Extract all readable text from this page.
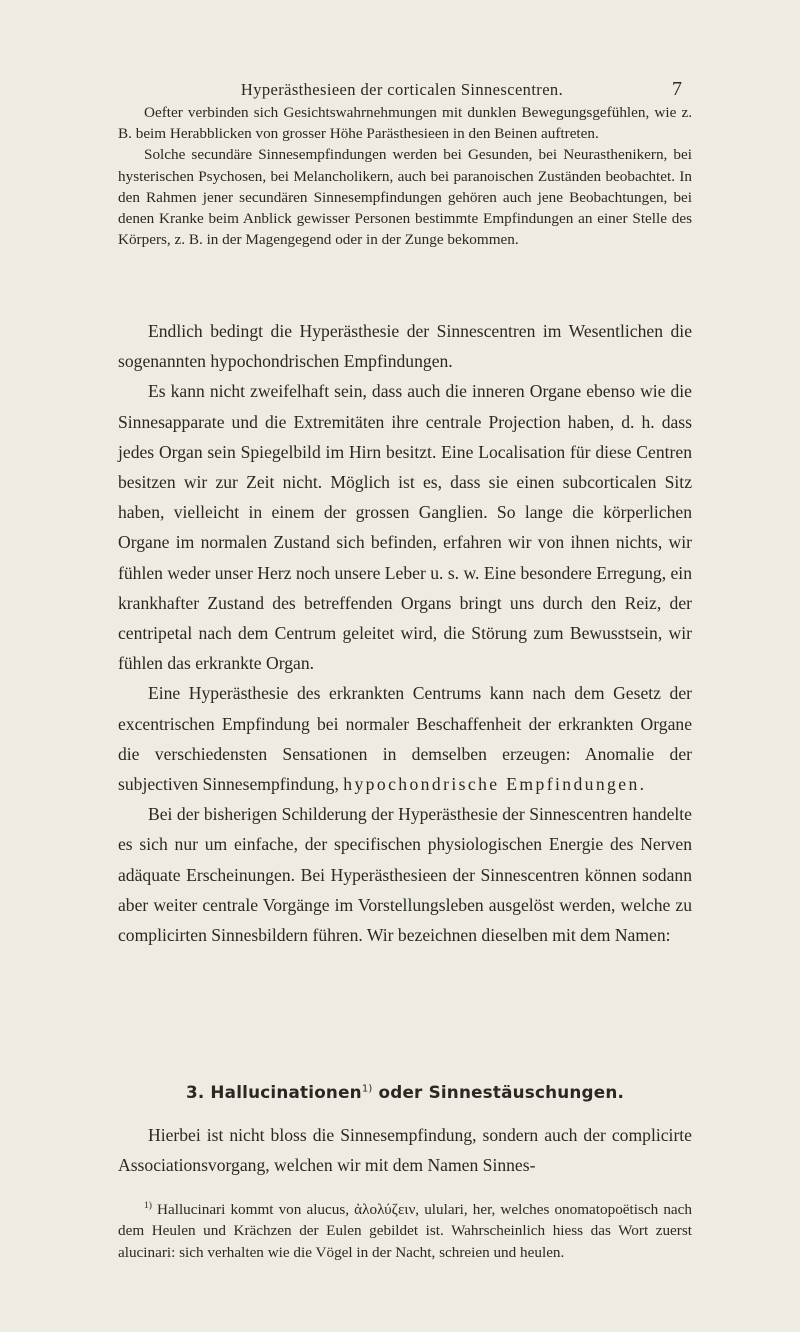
Hyperästhesieen der corticalen Sinnescentren.	7

Oefter verbinden sich Gesichtswahrnehmungen mit dunklen Bewegungsgefühlen, wie z. B. beim Herabblicken von grosser Höhe Parästhesieen in den Beinen auftreten.

Solche secundäre Sinnesempfindungen werden bei Gesunden, bei Neurasthenikern, bei hysterischen Psychosen, bei Melancholikern, auch bei paranoischen Zuständen beobachtet. In den Rahmen jener secundären Sinnesempfindungen gehören auch jene Beobachtungen, bei denen Kranke beim Anblick gewisser Personen bestimmte Empfindungen an einer Stelle des Körpers, z. B. in der Magengegend oder in der Zunge bekommen.

Endlich bedingt die Hyperästhesie der Sinnescentren im Wesentlichen die sogenannten hypochondrischen Empfindungen.

Es kann nicht zweifelhaft sein, dass auch die inneren Organe ebenso wie die Sinnesapparate und die Extremitäten ihre centrale Projection haben, d. h. dass jedes Organ sein Spiegelbild im Hirn besitzt. Eine Localisation für diese Centren besitzen wir zur Zeit nicht. Möglich ist es, dass sie einen subcorticalen Sitz haben, vielleicht in einem der grossen Ganglien. So lange die körperlichen Organe im normalen Zustand sich befinden, erfahren wir von ihnen nichts, wir fühlen weder unser Herz noch unsere Leber u. s. w. Eine besondere Erregung, ein krankhafter Zustand des betreffenden Organs bringt uns durch den Reiz, der centripetal nach dem Centrum geleitet wird, die Störung zum Bewusstsein, wir fühlen das erkrankte Organ.

Eine Hyperästhesie des erkrankten Centrums kann nach dem Gesetz der excentrischen Empfindung bei normaler Beschaffenheit der erkrankten Organe die verschiedensten Sensationen in demselben erzeugen: Anomalie der subjectiven Sinnesempfindung, hypochondrische Empfindungen.

Bei der bisherigen Schilderung der Hyperästhesie der Sinnescentren handelte es sich nur um einfache, der specifischen physiologischen Energie des Nerven adäquate Erscheinungen. Bei Hyperästhesieen der Sinnescentren können sodann aber weiter centrale Vorgänge im Vorstellungsleben ausgelöst werden, welche zu complicirten Sinnesbildern führen. Wir bezeichnen dieselben mit dem Namen:

3. Hallucinationen$^{1)}$ oder Sinnestäuschungen.

Hierbei ist nicht bloss die Sinnesempfindung, sondern auch der complicirte Associationsvorgang, welchen wir mit dem Namen Sinnes-

$^{1)}$ Hallucinari kommt von alucus, ἀλολύζειν, ululari, her, welches onomatopoëtisch nach dem Heulen und Krächzen der Eulen gebildet ist. Wahrscheinlich hiess das Wort zuerst alucinari: sich verhalten wie die Vögel in der Nacht, schreien und heulen.
